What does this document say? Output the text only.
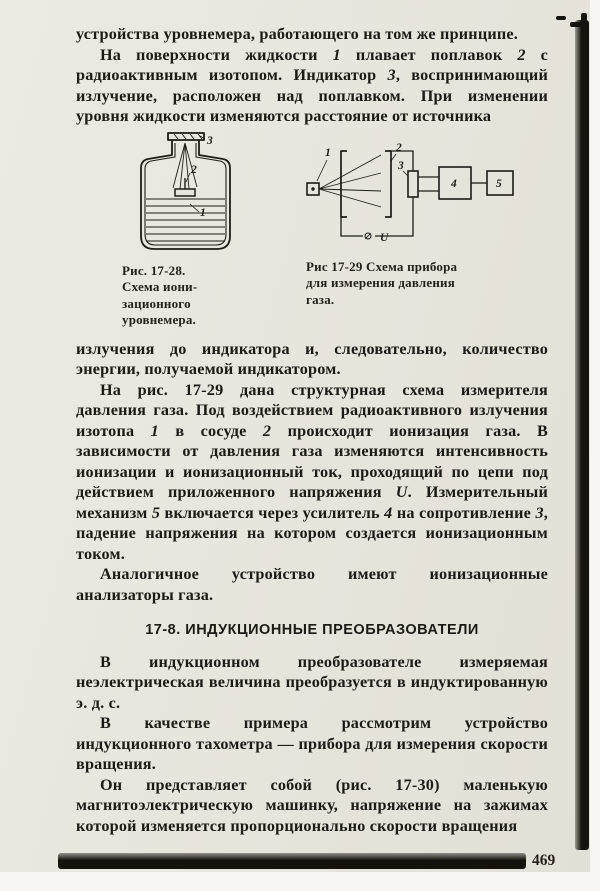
устройства уровнемера, работающего на том же принципе.

На поверхности жидкости 1 плавает поплавок 2 с радиоактивным изотопом. Индикатор 3, воспринимающий излучение, расположен над поплавком. При изменении уровня жидкости изменяются расстояние от источника

3
2
1
Рис. 17-28.
Схема иони-
зационного
уровнемера.
1	2
3
4	5
U
Рис 17-29 Схема прибора
для измерения давления
газа.

излучения до индикатора и, следовательно, количество энергии, получаемой индикатором.

На рис. 17-29 дана структурная схема измерителя давления газа. Под воздействием радиоактивного излучения изотопа 1 в сосуде 2 происходит ионизация газа. В зависимости от давления газа изменяются интенсивность ионизации и ионизационный ток, проходящий по цепи под действием приложенного напряжения U. Измерительный механизм 5 включается через усилитель 4 на сопротивление 3, падение напряжения на котором создается ионизационным током.

Аналогичное устройство имеют ионизационные анализаторы газа.

17-8. ИНДУКЦИОННЫЕ ПРЕОБРАЗОВАТЕЛИ

В индукционном преобразователе измеряемая неэлектрическая величина преобразуется в индуктированную э. д. с.

В качестве примера рассмотрим устройство индукционного тахометра — прибора для измерения скорости вращения.

Он представляет собой (рис. 17-30) маленькую магнитоэлектрическую машинку, напряжение на зажимах которой изменяется пропорционально скорости вращения

469
